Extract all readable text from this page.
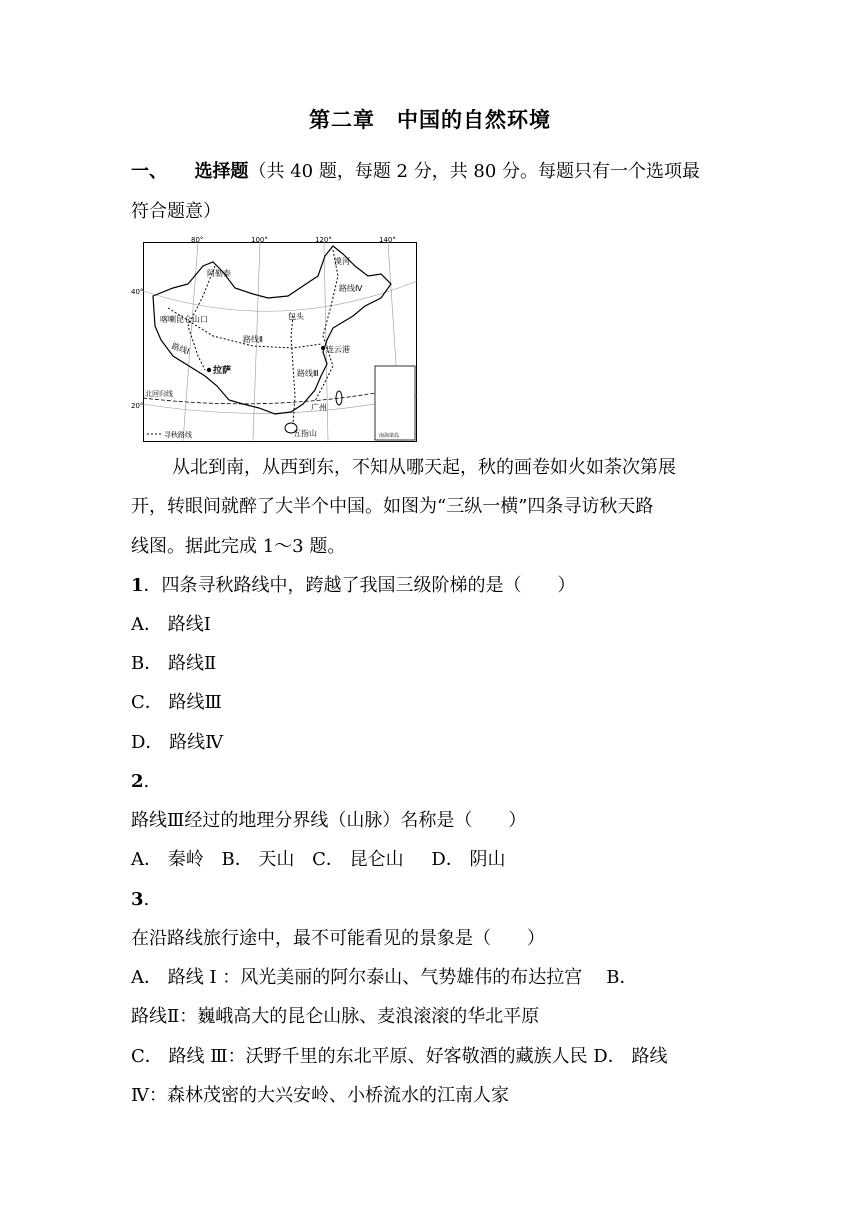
第二章　中国的自然环境
一、 选择题（共 40 题，每题 2 分，共 80 分。每题只有一个选项最
符合题意）
80°	100°	120°	140°
40°
20°
阿勒泰
喀喇昆仑山口	包头
连云港
拉萨
广州
五指山
漠河
北回归线
路线Ⅱ
路线Ⅰ
路线Ⅲ
路线Ⅳ
南海诸岛
寻秋路线
从北到南，从西到东，不知从哪天起，秋的画卷如火如荼次第展
开，转眼间就醉了大半个中国。如图为“三纵一横”四条寻访秋天路
线图。据此完成 1～3 题。
1．四条寻秋路线中，跨越了我国三级阶梯的是（　　）
A． 路线Ⅰ
B． 路线Ⅱ
C． 路线Ⅲ
D． 路线Ⅳ
2.
路线Ⅲ经过的地理分界线（山脉）名称是（　　）
A． 秦岭 B． 天山 C． 昆仑山 D． 阴山
3.
在沿路线旅行途中，最不可能看见的景象是（　　）
A． 路线 Ⅰ ：风光美丽的阿尔泰山、气势雄伟的布达拉宫 B．
路线Ⅱ：巍峨高大的昆仑山脉、麦浪滚滚的华北平原
C． 路线 Ⅲ：沃野千里的东北平原、好客敬酒的藏族人民 D． 路线
Ⅳ：森林茂密的大兴安岭、小桥流水的江南人家
